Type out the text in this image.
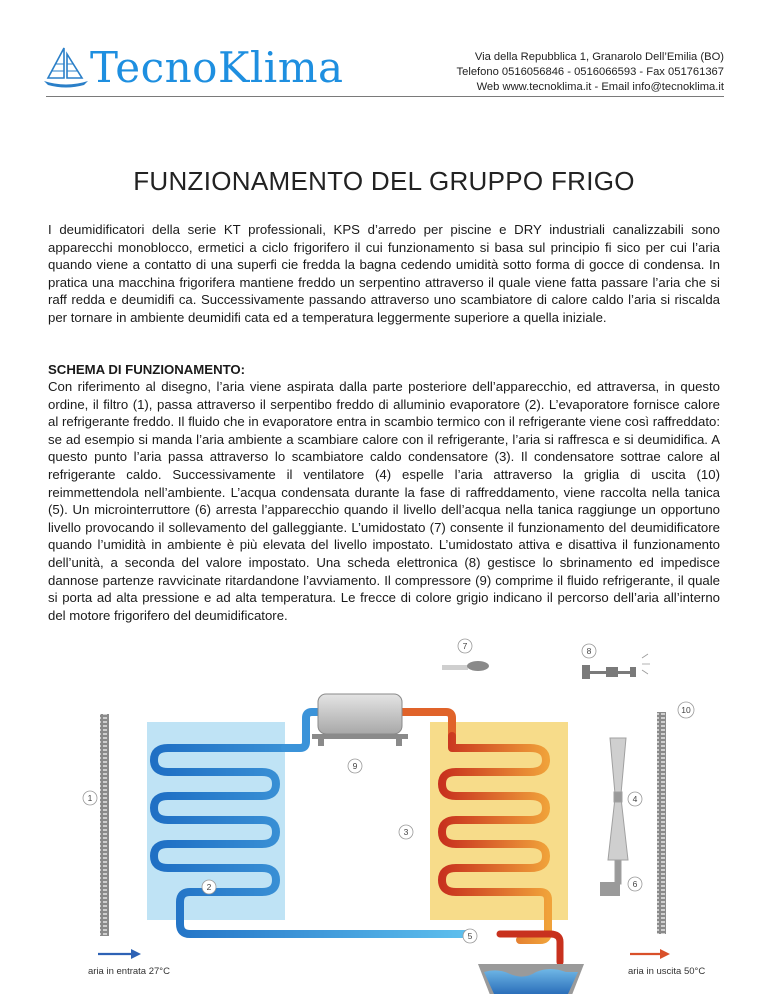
TecnoKlima	Via della Repubblica 1, Granarolo Dell’Emilia (BO)
Telefono 0516056846 - 0516066593 - Fax 051761367
Web www.tecnoklima.it - Email info@tecnoklima.it
FUNZIONAMENTO DEL GRUPPO FRIGO

I deumidificatori della serie KT professionali, KPS d’arredo per piscine e DRY industriali canalizzabili sono apparecchi monoblocco, ermetici a ciclo frigorifero il cui funzionamento si basa sul principio fi sico per cui l’aria quando viene a contatto di una superfi cie fredda la bagna cedendo umidità sotto forma di gocce di condensa. In pratica una macchina frigorifera mantiene freddo un serpentino attraverso il quale viene fatta passare l’aria che si raff redda e deumidifi ca. Successivamente passando attraverso uno scambiatore di calore caldo l’aria si riscalda per tornare in ambiente deumidifi cata ed a temperatura leggermente superiore a quella iniziale.

SCHEMA DI FUNZIONAMENTO:

Con riferimento al disegno, l’aria viene aspirata dalla parte posteriore dell’apparecchio, ed attraversa, in questo ordine, il filtro (1), passa attraverso il serpentibo freddo di alluminio evaporatore (2). L’evaporatore fornisce calore al refrigerante freddo. Il fluido che in evaporatore entra in scambio termico con il refrigerante viene così raffreddato: se ad esempio si manda l’aria ambiente a scambiare calore con il refrigerante, l’aria si raffresca e si deumidifica. A questo punto l’aria passa attraverso lo scambiatore caldo condensatore (3). Il condensatore sottrae calore al refrigerante caldo. Successivamente il ventilatore (4) espelle l’aria attraverso la griglia di uscita (10) reimmettendola nell’ambiente. L’acqua condensata durante la fase di raffreddamento, viene raccolta nella tanica (5). Un microinterruttore (6) arresta l’apparecchio quando il livello dell’acqua nella tanica raggiunge un opportuno livello provocando il sollevamento del galleggiante. L’umidostato (7) consente il funzionamento del deumidificatore quando l’umidità in ambiente è più elevata del livello impostato. L’umidostato attiva e disattiva il funzionamento dell’unità, a seconda del valore impostato. Una scheda elettronica (8) gestisce lo sbrinamento ed impedisce dannose partenze ravvicinate ritardandone l’avviamento. Il compressore (9) comprime il fluido refrigerante, il quale si porta ad alta pressione e ad alta temperatura. Le frecce di colore grigio indicano il percorso dell’aria all’interno del motore frigorifero del deumidificatore.

7	8
10
9
1	4
3
2	6
5
aria in entrata 27°C	aria in uscita 50°C
